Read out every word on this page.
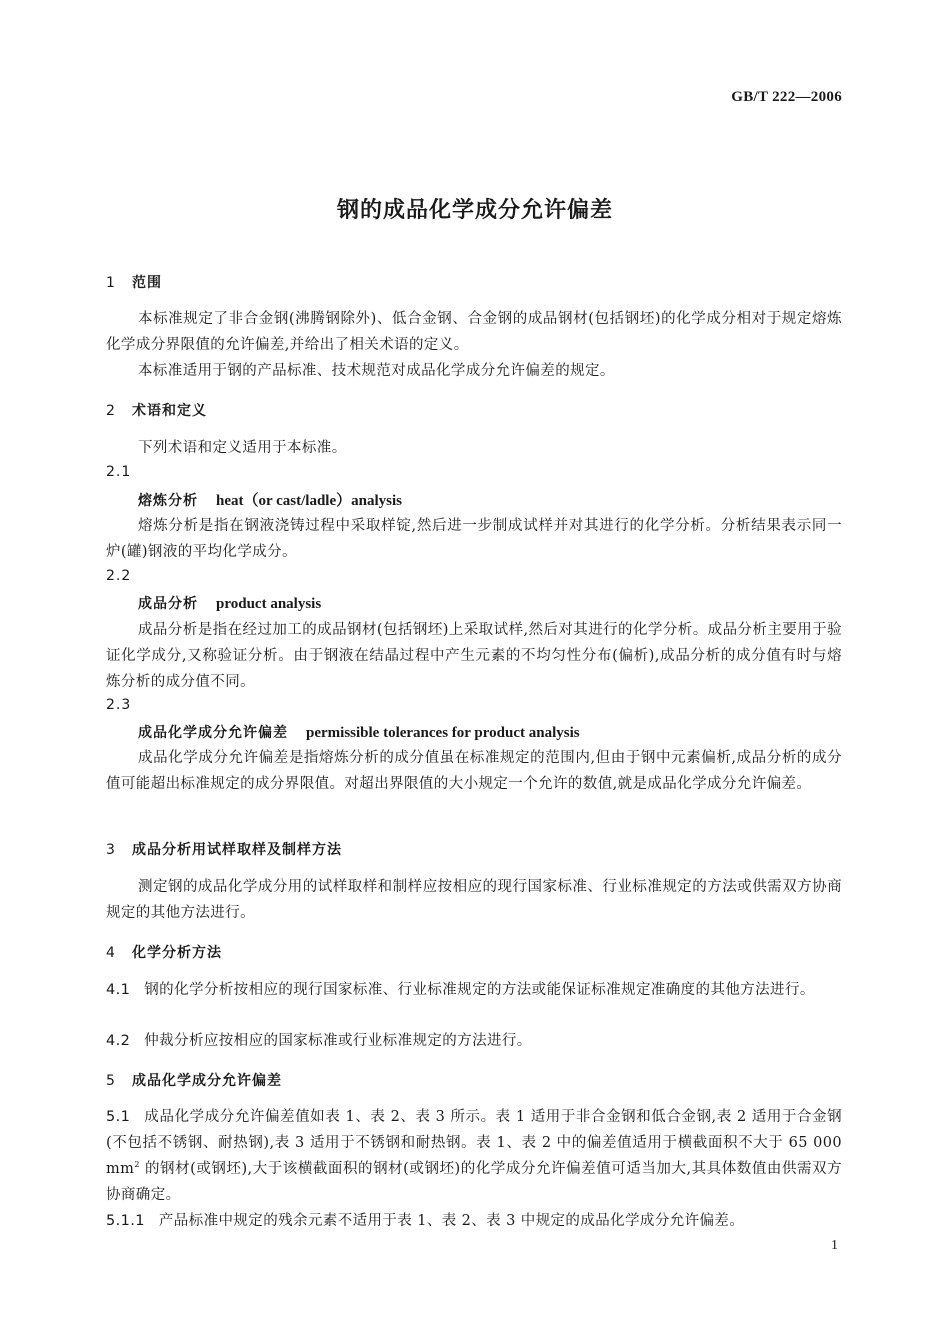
GB/T 222—2006
钢的成品化学成分允许偏差
1 范围
本标准规定了非合金钢(沸腾钢除外)、低合金钢、合金钢的成品钢材(包括钢坯)的化学成分相对于规定熔炼化学成分界限值的允许偏差,并给出了相关术语的定义。
本标准适用于钢的产品标准、技术规范对成品化学成分允许偏差的规定。
2 术语和定义
下列术语和定义适用于本标准。
2.1
熔炼分析 heat（or cast/ladle）analysis
熔炼分析是指在钢液浇铸过程中采取样锭,然后进一步制成试样并对其进行的化学分析。分析结果表示同一炉(罐)钢液的平均化学成分。
2.2
成品分析 product analysis
成品分析是指在经过加工的成品钢材(包括钢坯)上采取试样,然后对其进行的化学分析。成品分析主要用于验证化学成分,又称验证分析。由于钢液在结晶过程中产生元素的不均匀性分布(偏析),成品分析的成分值有时与熔炼分析的成分值不同。
2.3
成品化学成分允许偏差 permissible tolerances for product analysis
成品化学成分允许偏差是指熔炼分析的成分值虽在标准规定的范围内,但由于钢中元素偏析,成品分析的成分值可能超出标准规定的成分界限值。对超出界限值的大小规定一个允许的数值,就是成品化学成分允许偏差。
3 成品分析用试样取样及制样方法
测定钢的成品化学成分用的试样取样和制样应按相应的现行国家标准、行业标准规定的方法或供需双方协商规定的其他方法进行。
4 化学分析方法
4.1 钢的化学分析按相应的现行国家标准、行业标准规定的方法或能保证标准规定准确度的其他方法进行。
4.2 仲裁分析应按相应的国家标准或行业标准规定的方法进行。
5 成品化学成分允许偏差
5.1 成品化学成分允许偏差值如表 1、表 2、表 3 所示。表 1 适用于非合金钢和低合金钢,表 2 适用于合金钢(不包括不锈钢、耐热钢),表 3 适用于不锈钢和耐热钢。表 1、表 2 中的偏差值适用于横截面积不大于 65 000 $mm^2$ 的钢材(或钢坯),大于该横截面积的钢材(或钢坯)的化学成分允许偏差值可适当加大,其具体数值由供需双方协商确定。
5.1.1 产品标准中规定的残余元素不适用于表 1、表 2、表 3 中规定的成品化学成分允许偏差。
1
